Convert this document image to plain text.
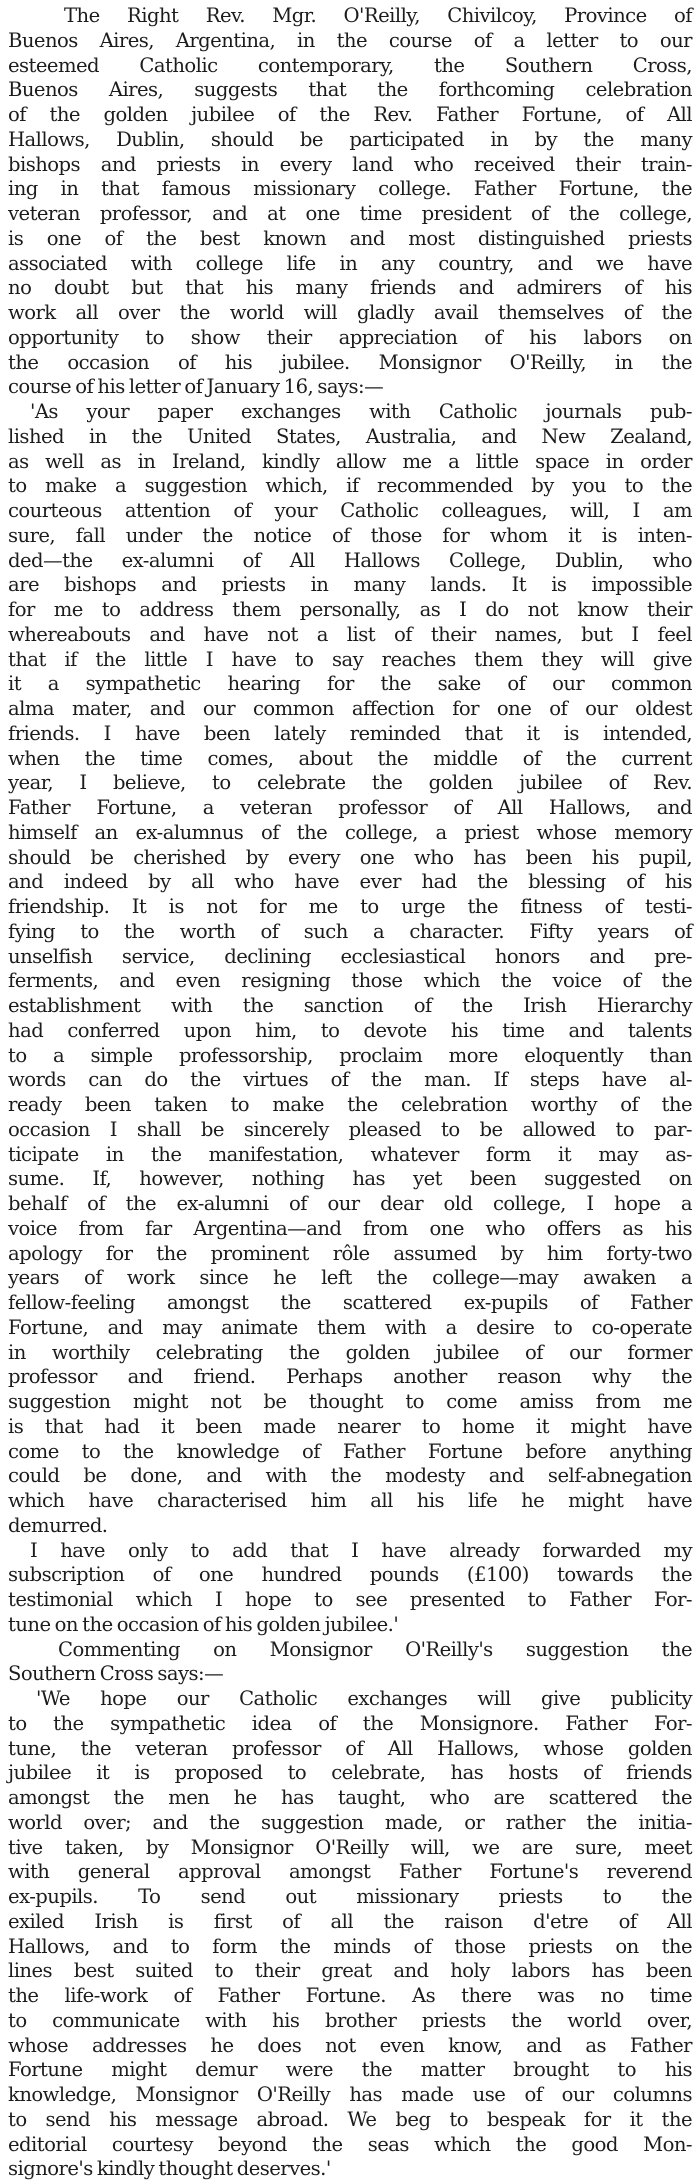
The Right Rev. Mgr. O'Reilly, Chivilcoy, Province of
Buenos Aires, Argentina, in the course of a letter to our
esteemed Catholic contemporary, the Southern Cross,
Buenos Aires, suggests that the forthcoming celebration
of the golden jubilee of the Rev. Father Fortune, of All
Hallows, Dublin, should be participated in by the many
bishops and priests in every land who received their train-
ing in that famous missionary college. Father Fortune, the
veteran professor, and at one time president of the college,
is one of the best known and most distinguished priests
associated with college life in any country, and we have
no doubt but that his many friends and admirers of his
work all over the world will gladly avail themselves of the
opportunity to show their appreciation of his labors on
the occasion of his jubilee. Monsignor O'Reilly, in the
course of his letter of January 16, says:—

'As your paper exchanges with Catholic journals pub-
lished in the United States, Australia, and New Zealand,
as well as in Ireland, kindly allow me a little space in order
to make a suggestion which, if recommended by you to the
courteous attention of your Catholic colleagues, will, I am
sure, fall under the notice of those for whom it is inten-
ded—the ex-alumni of All Hallows College, Dublin, who
are bishops and priests in many lands. It is impossible
for me to address them personally, as I do not know their
whereabouts and have not a list of their names, but I feel
that if the little I have to say reaches them they will give
it a sympathetic hearing for the sake of our common
alma mater, and our common affection for one of our oldest
friends. I have been lately reminded that it is intended,
when the time comes, about the middle of the current
year, I believe, to celebrate the golden jubilee of Rev.
Father Fortune, a veteran professor of All Hallows, and
himself an ex-alumnus of the college, a priest whose memory
should be cherished by every one who has been his pupil,
and indeed by all who have ever had the blessing of his
friendship. It is not for me to urge the fitness of testi-
fying to the worth of such a character. Fifty years of
unselfish service, declining ecclesiastical honors and pre-
ferments, and even resigning those which the voice of the
establishment with the sanction of the Irish Hierarchy
had conferred upon him, to devote his time and talents
to a simple professorship, proclaim more eloquently than
words can do the virtues of the man. If steps have al-
ready been taken to make the celebration worthy of the
occasion I shall be sincerely pleased to be allowed to par-
ticipate in the manifestation, whatever form it may as-
sume. If, however, nothing has yet been suggested on
behalf of the ex-alumni of our dear old college, I hope a
voice from far Argentina—and from one who offers as his
apology for the prominent rôle assumed by him forty-two
years of work since he left the college—may awaken a
fellow-feeling amongst the scattered ex-pupils of Father
Fortune, and may animate them with a desire to co-operate
in worthily celebrating the golden jubilee of our former
professor and friend. Perhaps another reason why the
suggestion might not be thought to come amiss from me
is that had it been made nearer to home it might have
come to the knowledge of Father Fortune before anything
could be done, and with the modesty and self-abnegation
which have characterised him all his life he might have
demurred.

I have only to add that I have already forwarded my
subscription of one hundred pounds (£100) towards the
testimonial which I hope to see presented to Father For-
tune on the occasion of his golden jubilee.'

Commenting on Monsignor O'Reilly's suggestion the
Southern Cross says:—

'We hope our Catholic exchanges will give publicity
to the sympathetic idea of the Monsignore. Father For-
tune, the veteran professor of All Hallows, whose golden
jubilee it is proposed to celebrate, has hosts of friends
amongst the men he has taught, who are scattered the
world over; and the suggestion made, or rather the initia-
tive taken, by Monsignor O'Reilly will, we are sure, meet
with general approval amongst Father Fortune's reverend
ex-pupils. To send out missionary priests to the
exiled Irish is first of all the raison d'etre of All
Hallows, and to form the minds of those priests on the
lines best suited to their great and holy labors has been
the life-work of Father Fortune. As there was no time
to communicate with his brother priests the world over,
whose addresses he does not even know, and as Father
Fortune might demur were the matter brought to his
knowledge, Monsignor O'Reilly has made use of our columns
to send his message abroad. We beg to bespeak for it the
editorial courtesy beyond the seas which the good Mon-
signore's kindly thought deserves.'
